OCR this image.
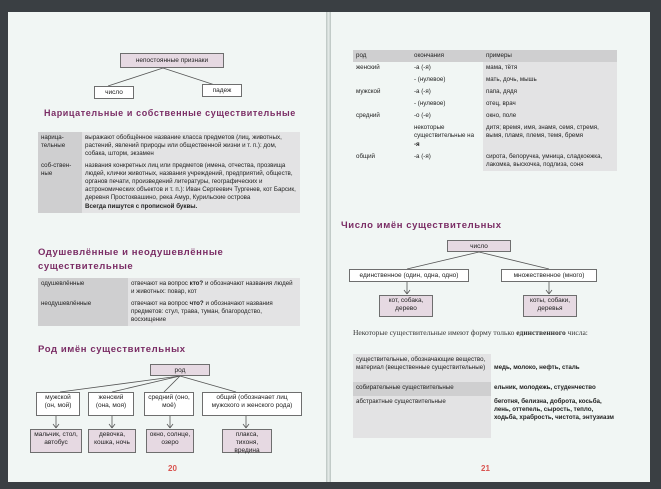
непостоянные признаки
число	падеж
Нарицательные и собственные существительные
нарица-тельные	выражают обобщённое название класса предметов (лиц, животных, растений, явлений природы или общественной жизни и т. п.): дом, собака, шторм, экзамен
соб-ствен-ные	названия конкретных лиц или предметов (имена, отчества, прозвища людей, клички животных, названия учреждений, предприятий, обществ, органов печати, произведений литературы, географических и астрономических объектов и т. п.): Иван Сергеевич Тургенев, кот Барсик, деревня Простоквашино, река Амур, Курильские острова
Всегда пишутся с прописной буквы.
Одушевлённые и неодушевлённые
существительные
одушевлённые	отвечают на вопрос кто? и обозначают названия людей и животных: повар, кот
неодушевлённые	отвечают на вопрос что? и обозначают названия предметов: стул, трава, туман, благородство, восхищение
Род имён существительных
род
мужской (он, мой)
женский (она, моя)
средний (оно, моё)
общий (обозначает лиц мужского и женского рода)
мальчик, стол, автобус
девочка, кошка, ночь
окно, солнце, озеро
плакса, тихоня, вредина
20
род	окончания	примеры
женский	-а (-я)	мама, тётя
	- (нулевое)	мать, дочь, мышь
мужской	-а (-я)	папа, дядя
	- (нулевое)	отец, врач
средний	-о (-е)	окно, поле
	некоторые существительные на -я	дитя; время, имя, знамя, семя, стремя, вымя, пламя, племя, темя, бремя
общий	-а (-я)	сирота, белоручка, умница, сладкоежка, лакомка, выскочка, подлиза, соня
Число имён существительных
число
единственное (один, одна, одно)	множественное (много)
кот, собака, дерево
коты, собаки, деревья
Некоторые существительные имеют форму только единственного числа:
существительные, обозначающие вещество, материал (вещественные существительные)	медь, молоко, нефть, сталь
собирательные существительные	ельник, молодежь, студенчество
абстрактные существительные	беготня, белизна, доброта, косьба, лень, оттепель, сырость, тепло, ходьба, храбрость, чистота, энтузиазм
21
